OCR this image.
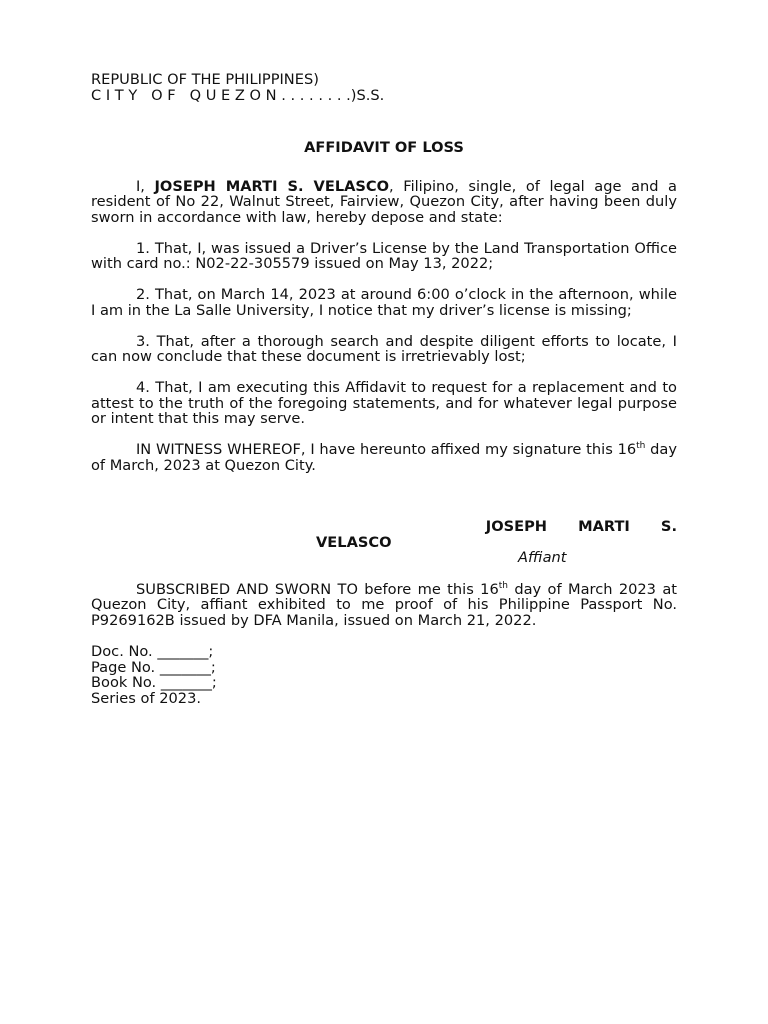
REPUBLIC OF THE PHILIPPINES)
C I T Y   O F   Q U E Z O N . . . . . . . .)S.S.
AFFIDAVIT OF LOSS
I, JOSEPH MARTI S. VELASCO, Filipino, single, of legal age and a resident of No 22, Walnut Street, Fairview, Quezon City, after having been duly sworn in accordance with law, hereby depose and state:
1. That, I, was issued a Driver’s License by the Land Transportation Office with card no.: N02-22-305579 issued on May 13, 2022;
2. That, on March 14, 2023 at around 6:00 o’clock in the afternoon, while I am in the La Salle University, I notice that my driver’s license is missing;
3. That, after a thorough search and despite diligent efforts to locate, I can now conclude that these document is irretrievably lost;
4. That, I am executing this Affidavit to request for a replacement and to attest to the truth of the foregoing statements, and for whatever legal purpose or intent that this may serve.
IN WITNESS WHEREOF, I have hereunto affixed my signature this 16th day of March, 2023 at Quezon City.
JOSEPH MARTI S.
VELASCO
Affiant
SUBSCRIBED AND SWORN TO before me this 16th day of March 2023 at Quezon City, affiant exhibited to me proof of his Philippine Passport No. P9269162B issued by DFA Manila, issued on March 21, 2022.
Doc. No. _______;
Page No. _______;
Book No. _______;
Series of 2023.
